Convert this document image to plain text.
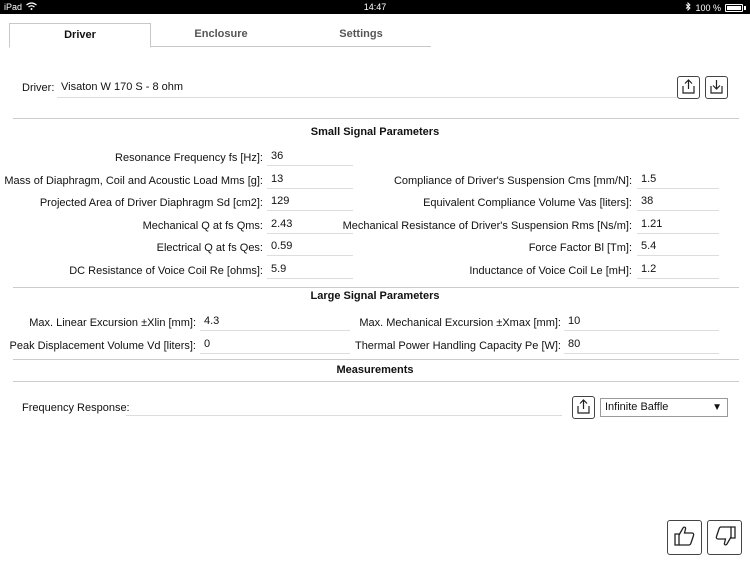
iPad	14:47	100 %
Driver	Enclosure	Settings
Driver: Visaton W 170 S - 8 ohm
Small Signal Parameters
Resonance Frequency fs [Hz]: 36
Mass of Diaphragm, Coil and Acoustic Load Mms [g]: 13
Projected Area of Driver Diaphragm Sd [cm2]: 129
Mechanical Q at fs Qms: 2.43
Electrical Q at fs Qes: 0.59
DC Resistance of Voice Coil Re [ohms]: 5.9
Compliance of Driver's Suspension Cms [mm/N]: 1.5
Equivalent Compliance Volume Vas [liters]: 38
Mechanical Resistance of Driver's Suspension Rms [Ns/m]: 1.21
Force Factor Bl [Tm]: 5.4
Inductance of Voice Coil Le [mH]: 1.2
Large Signal Parameters
Max. Linear Excursion ±Xlin [mm]: 4.3
Peak Displacement Volume Vd [liters]: 0
Max. Mechanical Excursion ±Xmax [mm]: 10
Thermal Power Handling Capacity Pe [W]: 80
Measurements
Frequency Response:	Infinite Baffle	▼
